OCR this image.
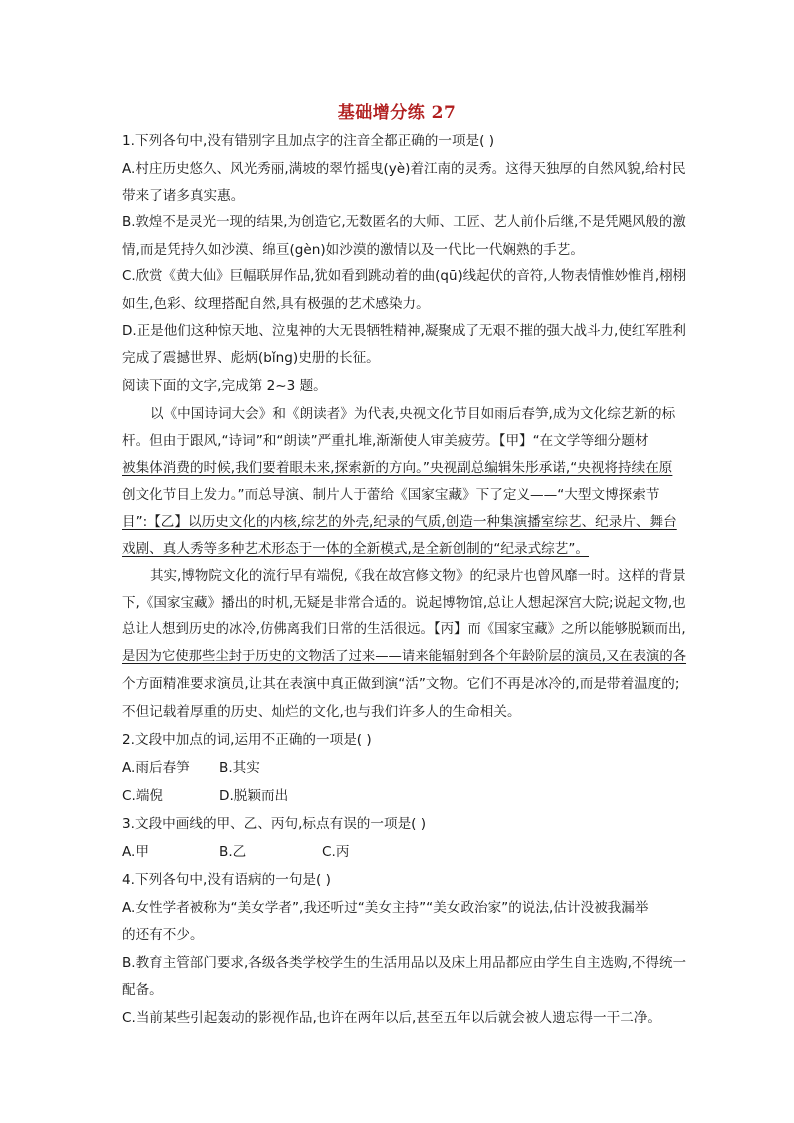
基础增分练 27
1.下列各句中,没有错别字且加点字的注音全都正确的一项是( )
A.村庄历史悠久、风光秀丽,满坡的翠竹摇曳(yè)着江南的灵秀。这得天独厚的自然风貌,给村民
带来了诸多真实惠。
B.敦煌不是灵光一现的结果,为创造它,无数匿名的大师、工匠、艺人前仆后继,不是凭飓风般的激
情,而是凭持久如沙漠、绵亘(gèn)如沙漠的激情以及一代比一代娴熟的手艺。
C.欣赏《黄大仙》巨幅联屏作品,犹如看到跳动着的曲(qū)线起伏的音符,人物表情惟妙惟肖,栩栩
如生,色彩、纹理搭配自然,具有极强的艺术感染力。
D.正是他们这种惊天地、泣鬼神的大无畏牺牲精神,凝聚成了无艰不摧的强大战斗力,使红军胜利
完成了震撼世界、彪炳(bǐng)史册的长征。
阅读下面的文字,完成第 2~3 题。
以《中国诗词大会》和《朗读者》为代表,央视文化节目如雨后春笋,成为文化综艺新的标
杆。但由于跟风,“诗词”和“朗读”严重扎堆,渐渐使人审美疲劳。【甲】“在文学等细分题材
被集体消费的时候,我们要着眼未来,探索新的方向。”央视副总编辑朱彤承诺,“央视将持续在原
创文化节目上发力。”而总导演、制片人于蕾给《国家宝藏》下了定义——“大型文博探索节
目”:【乙】以历史文化的内核,综艺的外壳,纪录的气质,创造一种集演播室综艺、纪录片、舞台
戏剧、真人秀等多种艺术形态于一体的全新模式,是全新创制的“纪录式综艺”。
其实,博物院文化的流行早有端倪,《我在故宫修文物》的纪录片也曾风靡一时。这样的背景
下,《国家宝藏》播出的时机,无疑是非常合适的。说起博物馆,总让人想起深宫大院;说起文物,也
总让人想到历史的冰冷,仿佛离我们日常的生活很远。【丙】而《国家宝藏》之所以能够脱颖而出,
是因为它使那些尘封于历史的文物活了过来——请来能辐射到各个年龄阶层的演员,又在表演的各
个方面精准要求演员,让其在表演中真正做到演“活”文物。它们不再是冰冷的,而是带着温度的;
不但记载着厚重的历史、灿烂的文化,也与我们许多人的生命相关。
2.文段中加点的词,运用不正确的一项是( )
A.雨后春笋 B.其实
C.端倪	D.脱颖而出
3.文段中画线的甲、乙、丙句,标点有误的一项是( )
A.甲	B.乙	C.丙
4.下列各句中,没有语病的一句是( )
A.女性学者被称为“美女学者”,我还听过“美女主持”“美女政治家”的说法,估计没被我漏举
的还有不少。
B.教育主管部门要求,各级各类学校学生的生活用品以及床上用品都应由学生自主选购,不得统一
配备。
C.当前某些引起轰动的影视作品,也许在两年以后,甚至五年以后就会被人遗忘得一干二净。
